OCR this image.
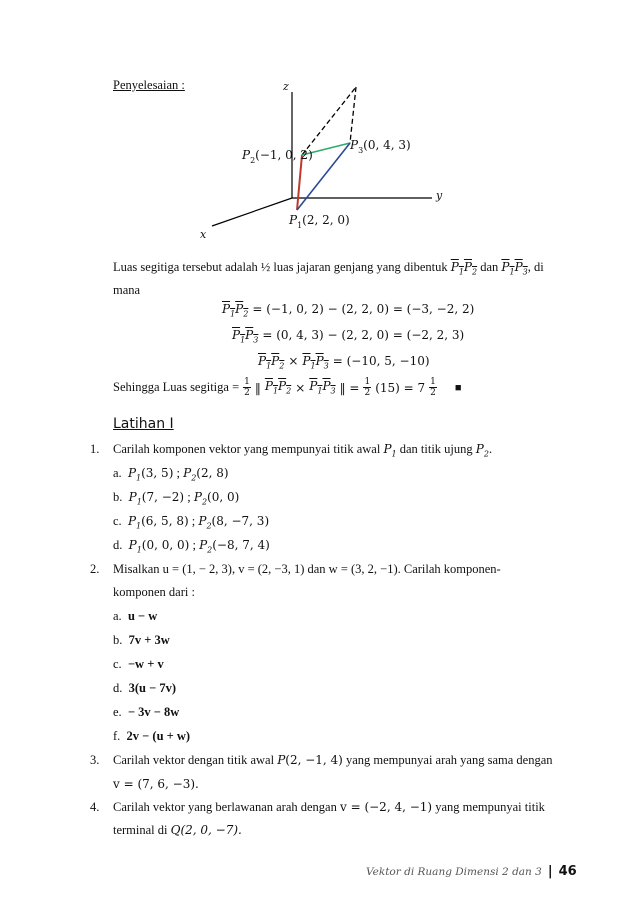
Penyelesaian :	z
y
x
$P_2(-1$, 0, 2)
$P_3(0$, 4, 3)
$P_1(2$, 2, 0)
Luas segitiga tersebut adalah ½ luas jajaran genjang yang dibentuk $P_1P_2$ dan $P_1P_3$, di
mana
$P_1P_2 = (-1$, 0, 2) − (2, 2, 0) = (−3, −2, 2)
$P_1P_3 = (0$, 4, 3) − (2, 2, 0) = (−2, 2, 3)
$P_1P_2 \times P_1P_3 = (-10$, 5, −10)
Sehingga Luas segitiga = $\frac{1}{2}$ ‖ $P_1P_2 \times P_1P_3$ ‖ = $\frac{1}{2} (15) = 7$ 1
2 ■
Latihan I
1. Carilah komponen vektor yang mempunyai titik awal $P_1$ dan titik ujung $P_2$.
a. $P_1(3$, 5) ; $P_2(2$, 8)
b. $P_1(7$, −2) ; $P_2(0$, 0)
c. $P_1(6$, 5, 8) ; $P_2(8$, −7, 3)
d. $P_1(0$, 0, 0) ; $P_2(-8$, 7, 4)
2. Misalkan u = (1, − 2, 3), v = (2, −3, 1) dan w = (3, 2, −1). Carilah komponen-
komponen dari :
a. u − w
b. 7v + 3w
c. −w + v
d. 3(u − 7v)
e. − 3v − 8w
f. 2v − (u + w)
3. Carilah vektor dengan titik awal P(2, −1, 4) yang mempunyai arah yang sama dengan
v = (7, 6, −3).
4. Carilah vektor yang berlawanan arah dengan v = (−2, 4, −1) yang mempunyai titik
terminal di Q(2, 0, −7).
Vektor di Ruang Dimensi 2 dan 3 | 46
